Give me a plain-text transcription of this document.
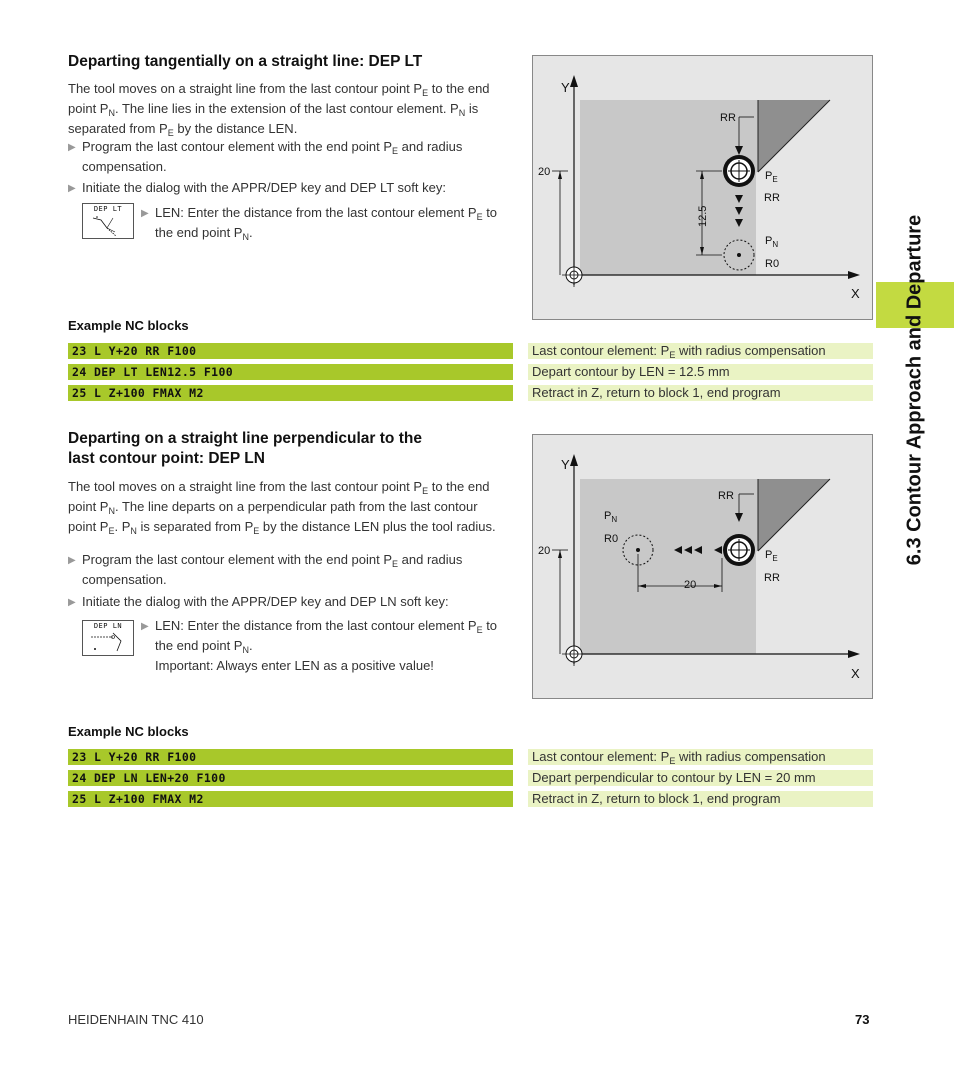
Departing tangentially on a straight line: DEP LT

The tool moves on a straight line from the last contour point $P_E$ to the end point $P_N$. The line lies in the extension of the last contour element. $P_N$ is separated from $P_E$ by the distance LEN.

▶ Program the last contour element with the end point $P_E$ and radius compensation.
▶ Initiate the dialog with the APPR/DEP key and DEP LT soft key:
DEP LT	▶ LEN: Enter the distance from the last contour element $P_E$ to the end point $P_N$.
Y
X
20
RR
$P_E$
RR
12.5
$P_N$
R0
Example NC blocks
23 L Y+20 RR F100	Last contour element: $P_E$ with radius compensation
24 DEP LT LEN12.5 F100	Depart contour by LEN = 12.5 mm
25 L Z+100 FMAX M2	Retract in Z, return to block 1, end program
Departing on a straight line perpendicular to the
last contour point: DEP LN

The tool moves on a straight line from the last contour point $P_E$ to the end point $P_N$. The line departs on a perpendicular path from the last contour point $P_E$. $P_N$ is separated from $P_E$ by the distance LEN plus the tool radius.

▶ Program the last contour element with the end point $P_E$ and radius compensation.
▶ Initiate the dialog with the APPR/DEP key and DEP LN soft key:
DEP LN	▶ LEN: Enter the distance from the last contour element $P_E$ to the end point $P_N$.
Important: Always enter LEN as a positive value!
Y
X
20
RR
$P_E$
RR
$P_N$
R0
20
Example NC blocks
23 L Y+20 RR F100	Last contour element: $P_E$ with radius compensation
24 DEP LN LEN+20 F100	Depart perpendicular to contour by LEN = 20 mm
25 L Z+100 FMAX M2	Retract in Z, return to block 1, end program
6.3 Contour Approach and Departure
HEIDENHAIN TNC 410	73
